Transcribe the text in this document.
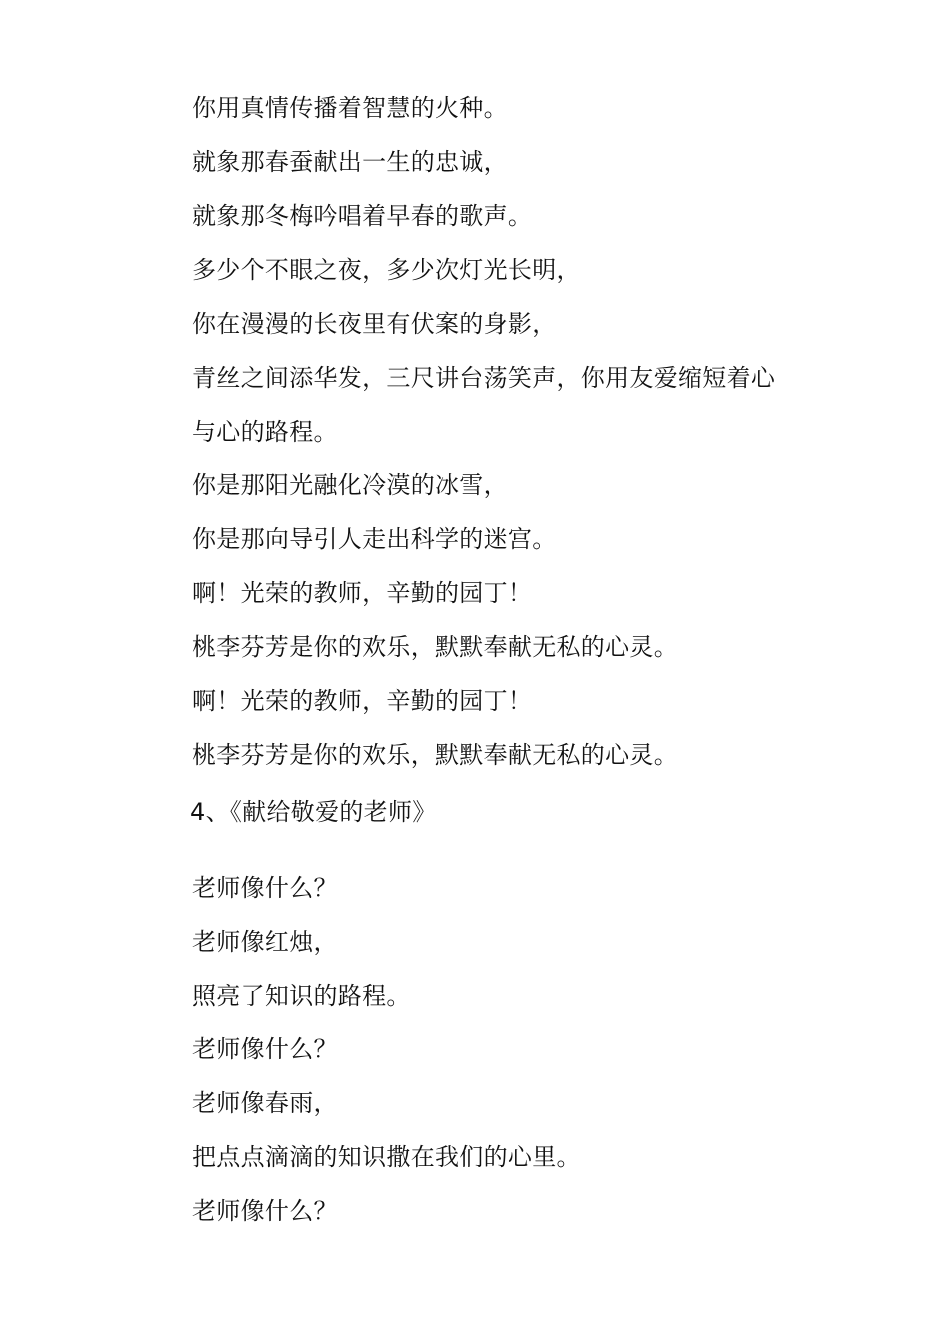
你用真情传播着智慧的火种。
就象那春蚕献出一生的忠诚，
就象那冬梅吟唱着早春的歌声。
多少个不眼之夜，多少次灯光长明，
你在漫漫的长夜里有伏案的身影，
青丝之间添华发，三尺讲台荡笑声，你用友爱缩短着心
与心的路程。
你是那阳光融化冷漠的冰雪，
你是那向导引人走出科学的迷宫。
啊！光荣的教师，辛勤的园丁！
桃李芬芳是你的欢乐，默默奉献无私的心灵。
啊！光荣的教师，辛勤的园丁！
桃李芬芳是你的欢乐，默默奉献无私的心灵。
4、《献给敬爱的老师》
老师像什么？
老师像红烛，
照亮了知识的路程。
老师像什么？
老师像春雨，
把点点滴滴的知识撒在我们的心里。
老师像什么？
